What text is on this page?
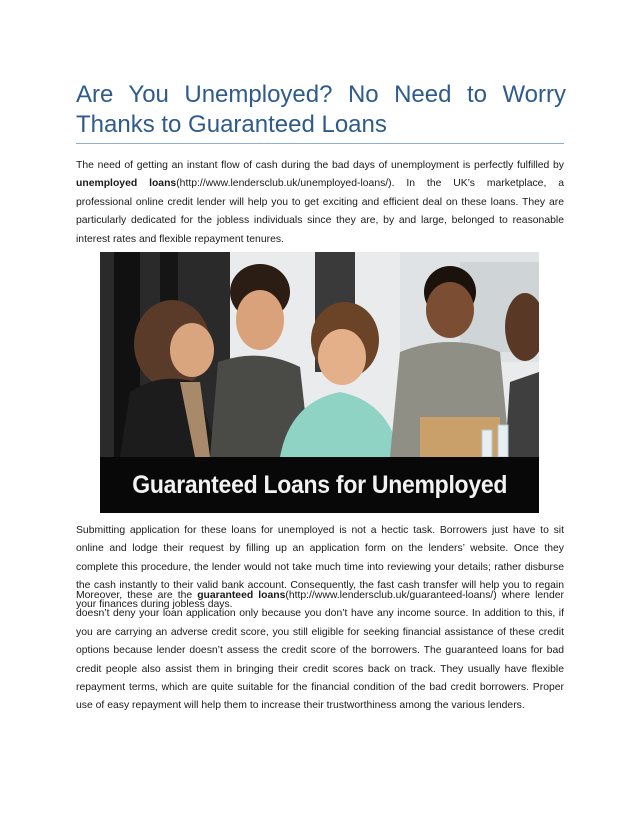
Are You Unemployed? No Need to Worry
Thanks to Guaranteed Loans

The need of getting an instant flow of cash during the bad days of unemployment is perfectly fulfilled by unemployed loans(http://www.lendersclub.uk/unemployed-loans/). In the UK’s marketplace, a professional online credit lender will help you to get exciting and efficient deal on these loans. They are particularly dedicated for the jobless individuals since they are, by and large, belonged to reasonable interest rates and flexible repayment tenures.

Guaranteed Loans for Unemployed

Submitting application for these loans for unemployed is not a hectic task. Borrowers just have to sit online and lodge their request by filling up an application form on the lenders’ website. Once they complete this procedure, the lender would not take much time into reviewing your details; rather disburse the cash instantly to their valid bank account. Consequently, the fast cash transfer will help you to regain your finances during jobless days.

Moreover, these are the guaranteed loans(http://www.lendersclub.uk/guaranteed-loans/) where lender doesn’t deny your loan application only because you don’t have any income source. In addition to this, if you are carrying an adverse credit score, you still eligible for seeking financial assistance of these credit options because lender doesn’t assess the credit score of the borrowers. The guaranteed loans for bad credit people also assist them in bringing their credit scores back on track. They usually have flexible repayment terms, which are quite suitable for the financial condition of the bad credit borrowers. Proper use of easy repayment will help them to increase their trustworthiness among the various lenders.
